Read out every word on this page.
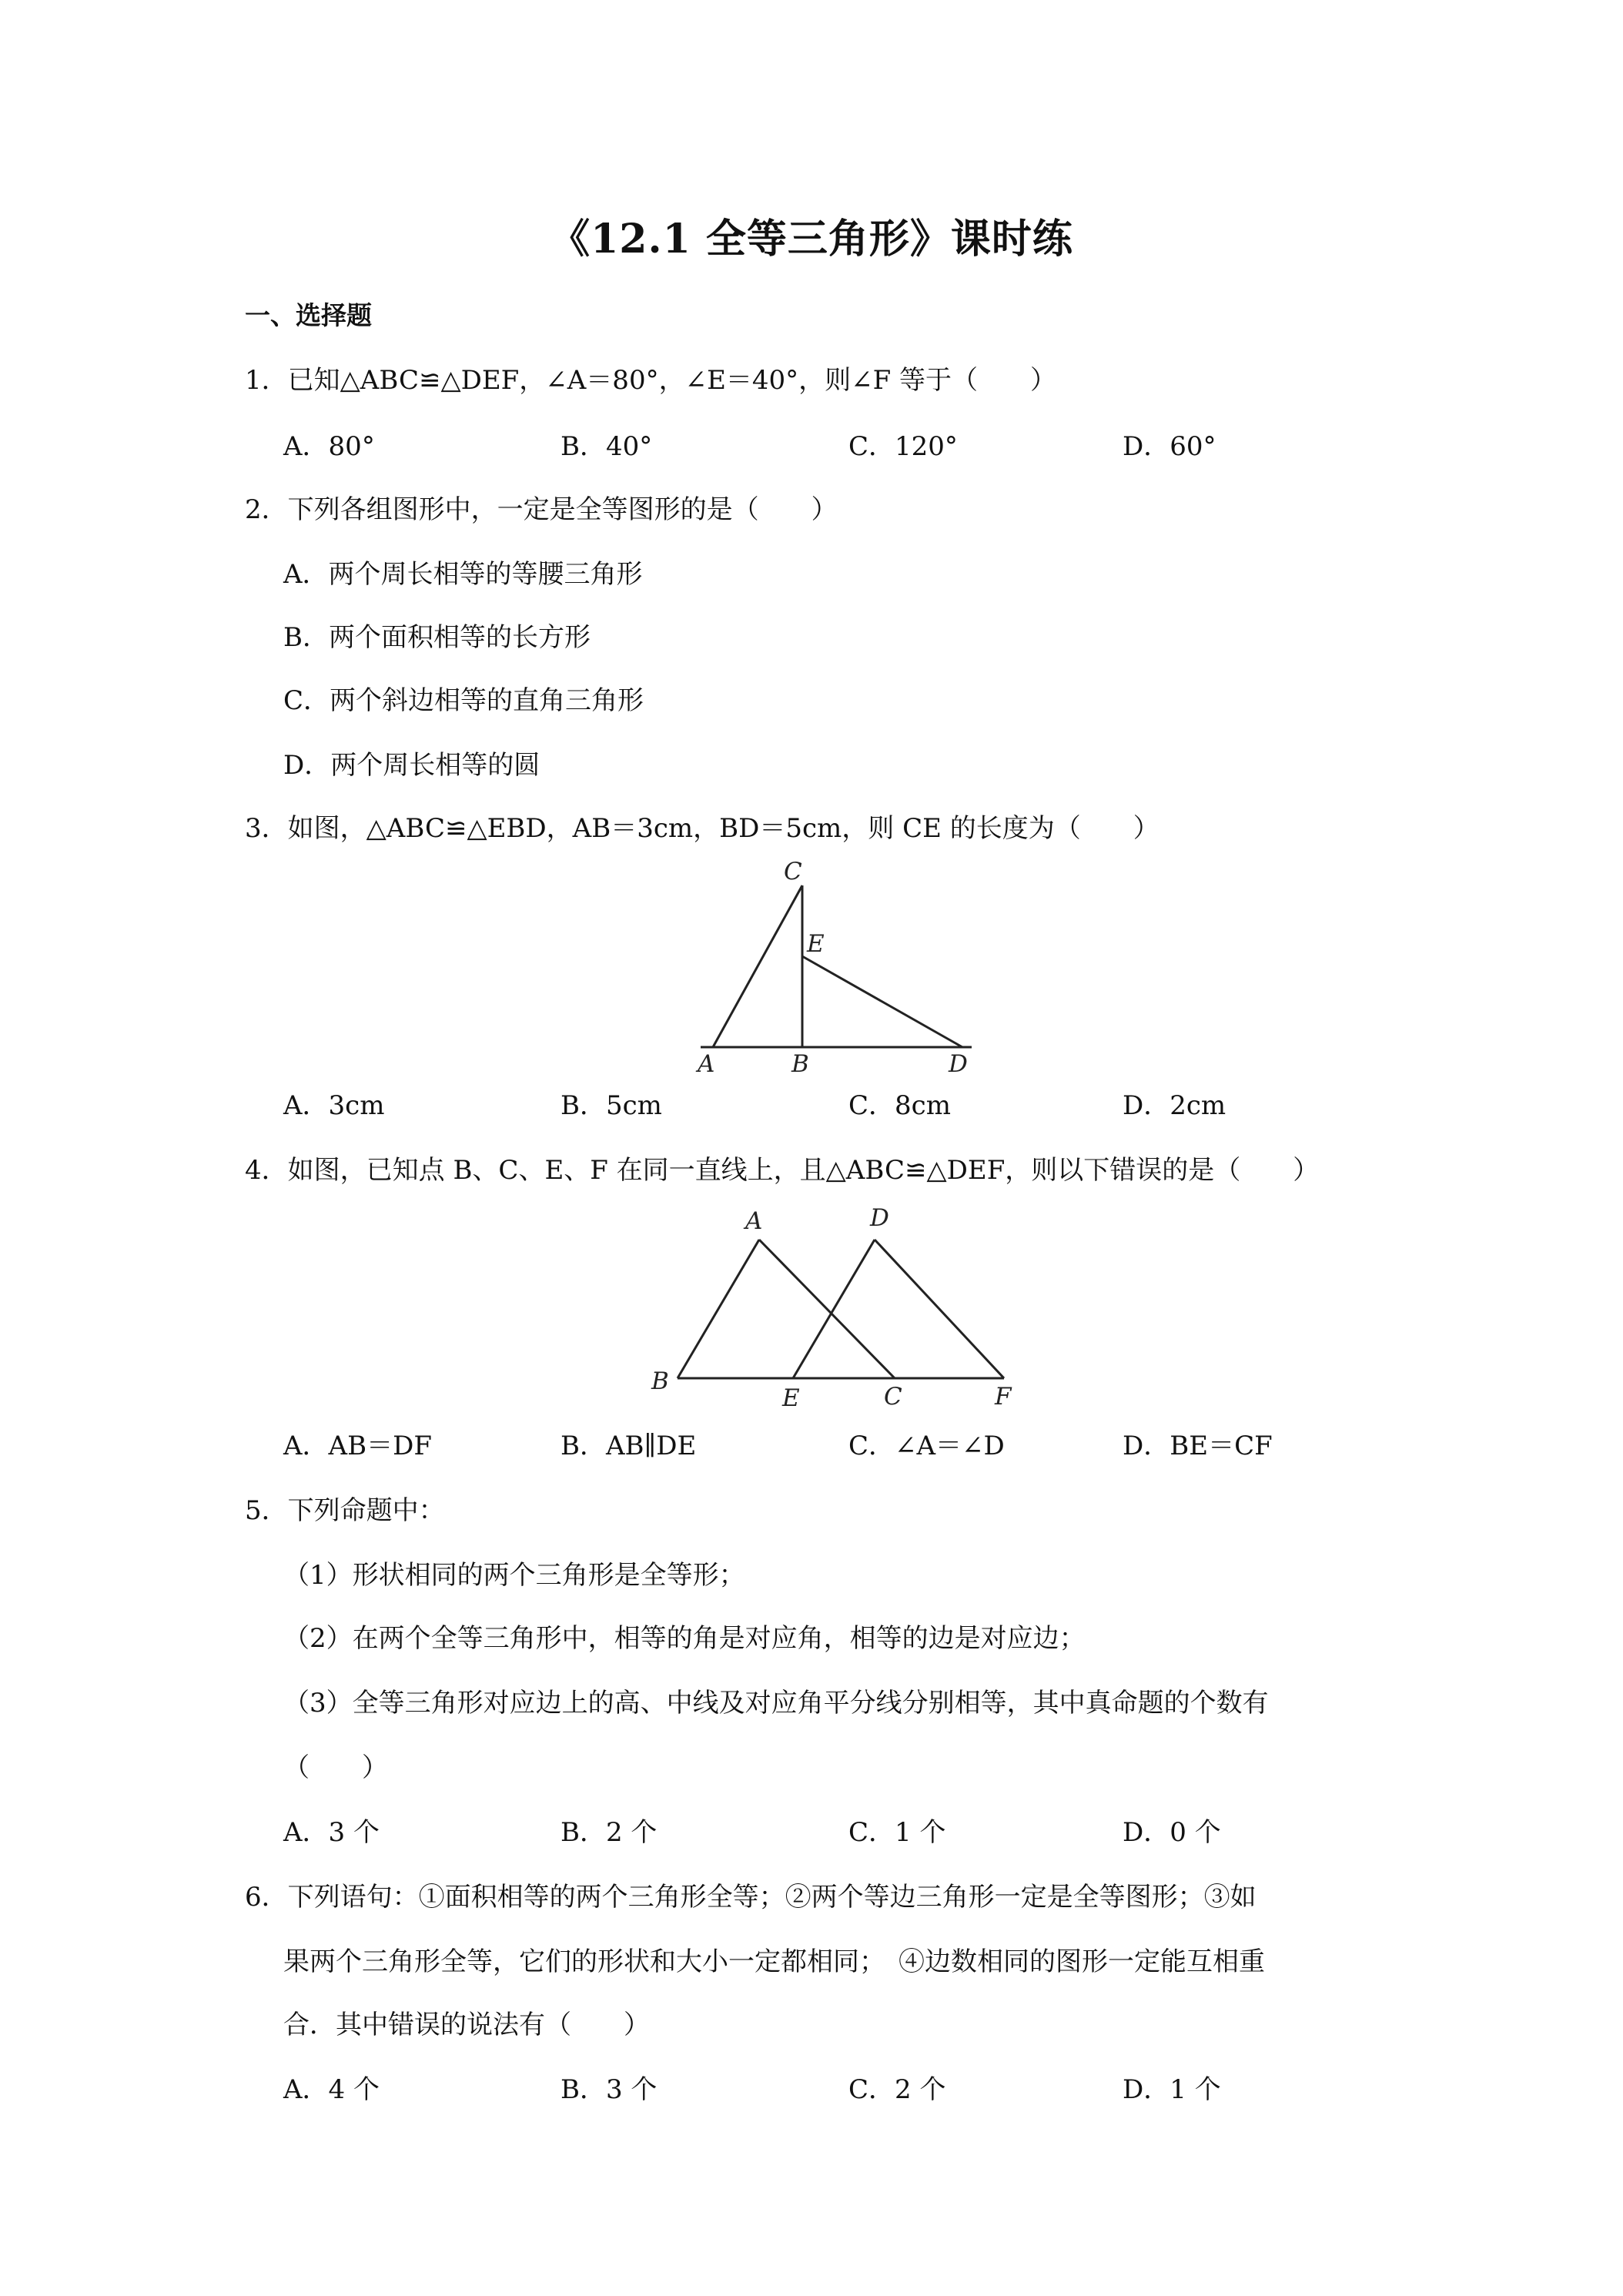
《12.1 全等三角形》课时练
一、选择题
1．已知△ABC≌△DEF，∠A＝80°，∠E＝40°，则∠F 等于（　　）
A．80°	B．40°	C．120°	D．60°
2．下列各组图形中，一定是全等图形的是（　　）
A．两个周长相等的等腰三角形
B．两个面积相等的长方形
C．两个斜边相等的直角三角形
D．两个周长相等的圆
3．如图，△ABC≌△EBD，AB＝3cm，BD＝5cm，则 CE 的长度为（　　）
C
E
A	B	D
A．3cm	B．5cm	C．8cm	D．2cm
4．如图，已知点 B、C、E、F 在同一直线上，且△ABC≌△DEF，则以下错误的是（　　）
A	D
B
E	C	F
A．AB＝DF	B．AB∥DE	C．∠A＝∠D	D．BE＝CF
5．下列命题中：
（1）形状相同的两个三角形是全等形；
（2）在两个全等三角形中，相等的角是对应角，相等的边是对应边；
（3）全等三角形对应边上的高、中线及对应角平分线分别相等，其中真命题的个数有
（　　）
A．3 个	B．2 个	C．1 个	D．0 个
6．下列语句：①面积相等的两个三角形全等；②两个等边三角形一定是全等图形；③如
果两个三角形全等，它们的形状和大小一定都相同；　④边数相同的图形一定能互相重
合．其中错误的说法有（　　）
A．4 个	B．3 个	C．2 个	D．1 个
